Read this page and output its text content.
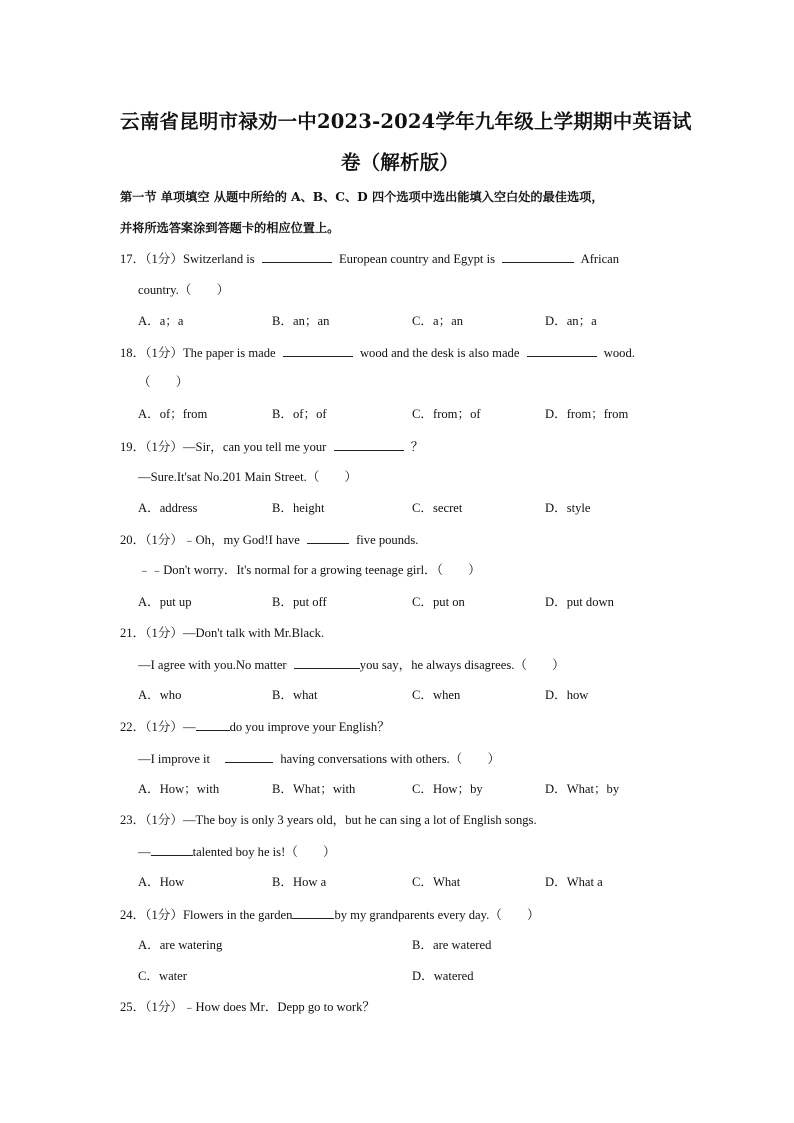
云南省昆明市禄劝一中2023-2024学年九年级上学期期中英语试
卷（解析版）
第一节 单项填空 从题中所给的 A、B、C、D 四个选项中选出能填入空白处的最佳选项，
并将所选答案涂到答题卡的相应位置上。
17．（1分）Switzerland is	European country and Egypt is	African
country.（　　）
A．a；a	B．an；an	C．a；an	D．an；a
18．（1分）The paper is made	wood and the desk is also made	wood.
（　　）
A．of；from	B．of；of	C．from；of	D．from；from
19．（1分）—Sir，can you tell me your	？
—Sure.It'sat No.201 Main Street.（　　）
A．address	B．height	C．secret	D．style
20．（1分）﹣Oh，my God!I have	five pounds.
﹣﹣Don't worry．It's normal for a growing teenage girl．（　　）
A．put up	B．put off	C．put on	D．put down
21．（1分）—Don't talk with Mr.Black.
—I agree with you.No matter	you say，he always disagrees.（　　）
A．who	B．what	C．when	D．how
22．（1分）—	do you improve your English？
—I improve it	having conversations with others.（　　）
A．How；with	B．What；with	C．How；by	D．What；by
23．（1分）—The boy is only 3 years old，but he can sing a lot of English songs.
—	talented boy he is!（　　）
A．How	B．How a	C．What	D．What a
24．（1分）Flowers in the garden	by my grandparents every day.（　　）
A．are watering	B．are watered
C．water	D．watered
25．（1分）﹣How does Mr．Depp go to work？
